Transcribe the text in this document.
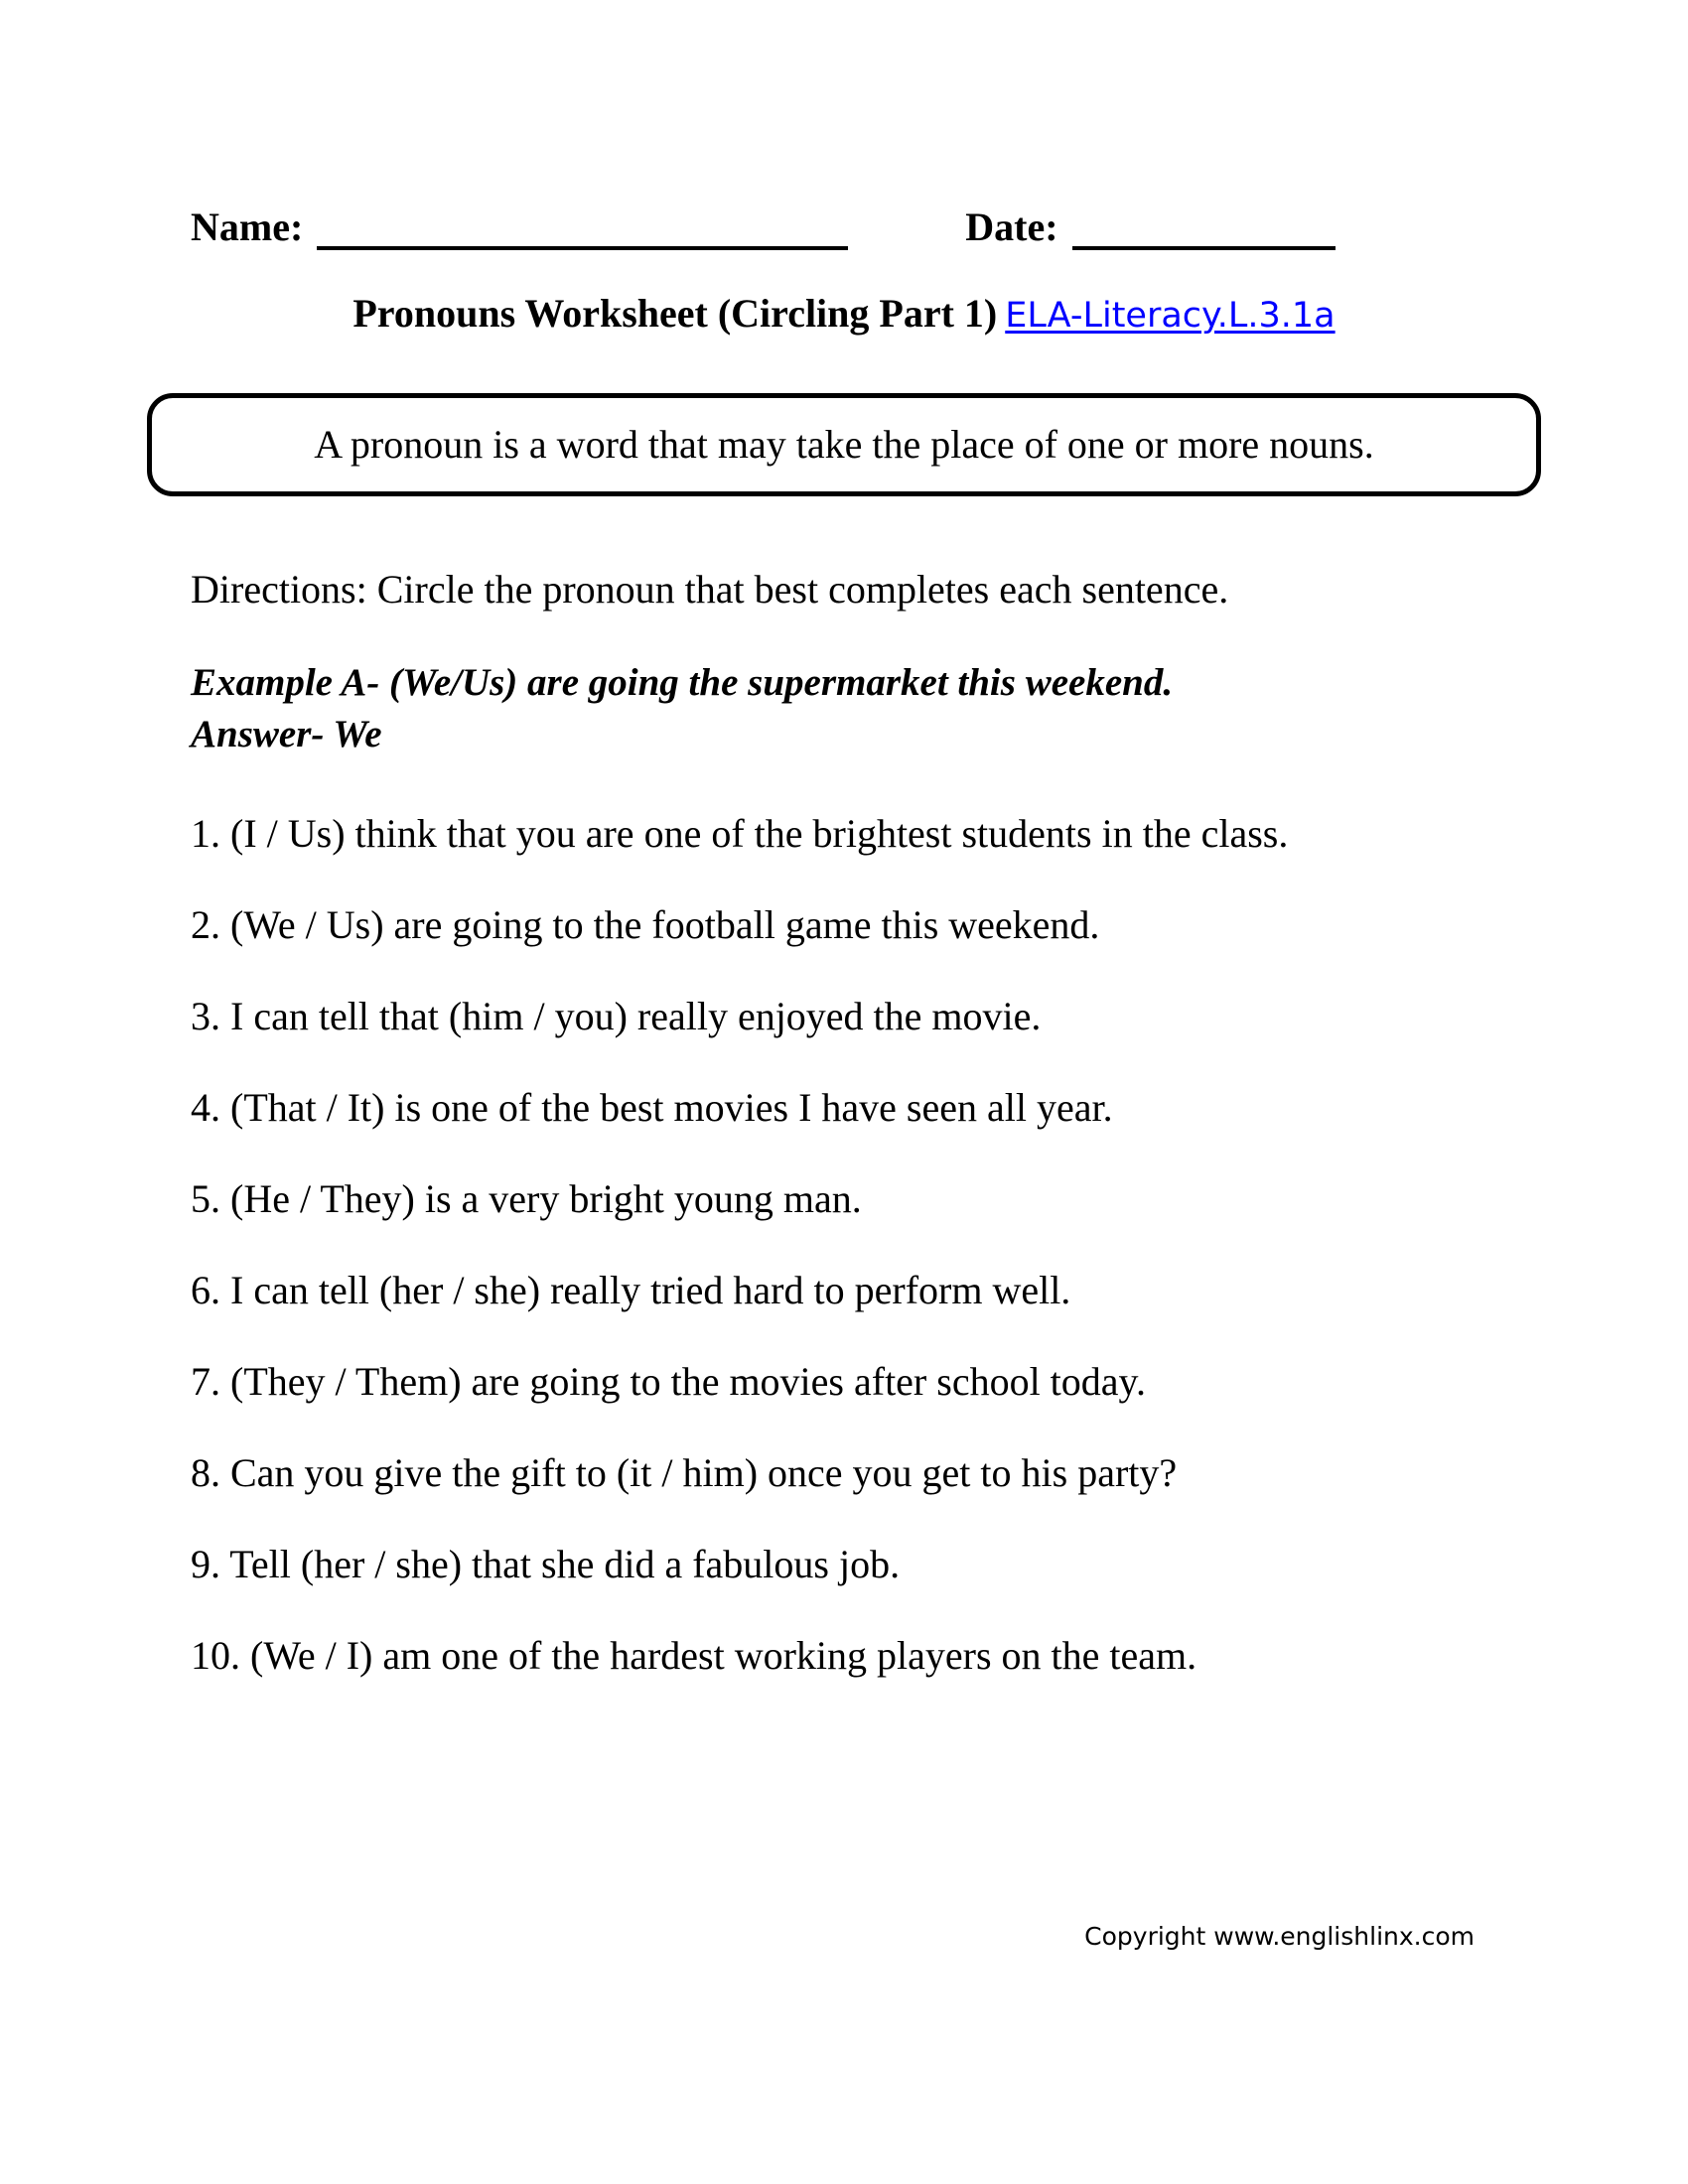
Name:	Date:
Pronouns Worksheet (Circling Part 1) ELA-Literacy.L.3.1a
A pronoun is a word that may take the place of one or more nouns.

Directions: Circle the pronoun that best completes each sentence.

Example A- (We/Us) are going the supermarket this weekend.
Answer- We

1. (I / Us) think that you are one of the brightest students in the class.

2. (We / Us) are going to the football game this weekend.

3. I can tell that (him / you) really enjoyed the movie.

4. (That / It) is one of the best movies I have seen all year.

5. (He / They) is a very bright young man.

6. I can tell (her / she) really tried hard to perform well.

7. (They / Them) are going to the movies after school today.

8. Can you give the gift to (it / him) once you get to his party?

9. Tell (her / she) that she did a fabulous job.

10. (We / I) am one of the hardest working players on the team.

Copyright www.englishlinx.com
